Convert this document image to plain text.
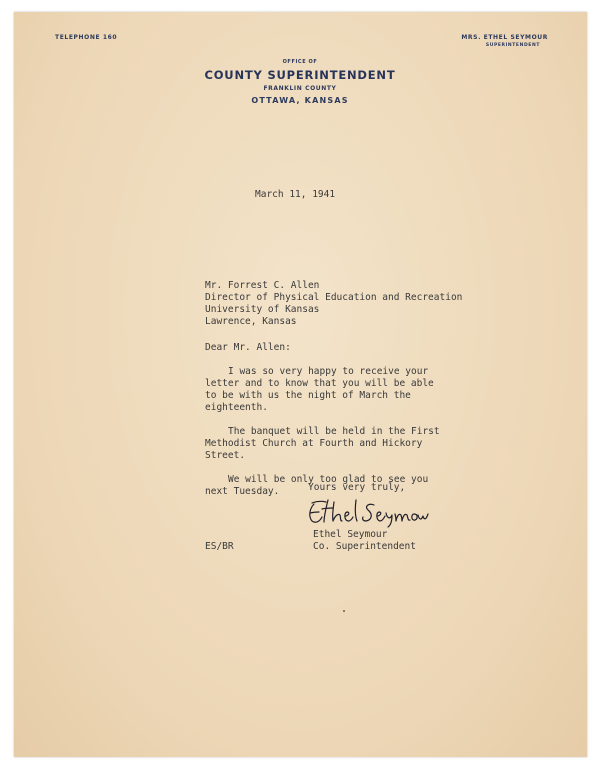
TELEPHONE 160	MRS. ETHEL SEYMOUR
SUPERINTENDENT
OFFICE OF
COUNTY SUPERINTENDENT
FRANKLIN COUNTY
OTTAWA, KANSAS
March 11, 1941
Mr. Forrest C. Allen
Director of Physical Education and Recreation
University of Kansas
Lawrence, Kansas
Dear Mr. Allen:
I was so very happy to receive your
letter and to know that you will be able
to be with us the night of March the
eighteenth.
The banquet will be held in the First
Methodist Church at Fourth and Hickory
Street.
We will be only too glad to see you
next Tuesday.	Yours very truly,
Ethel Seymour
Co. Superintendent
ES/BR
